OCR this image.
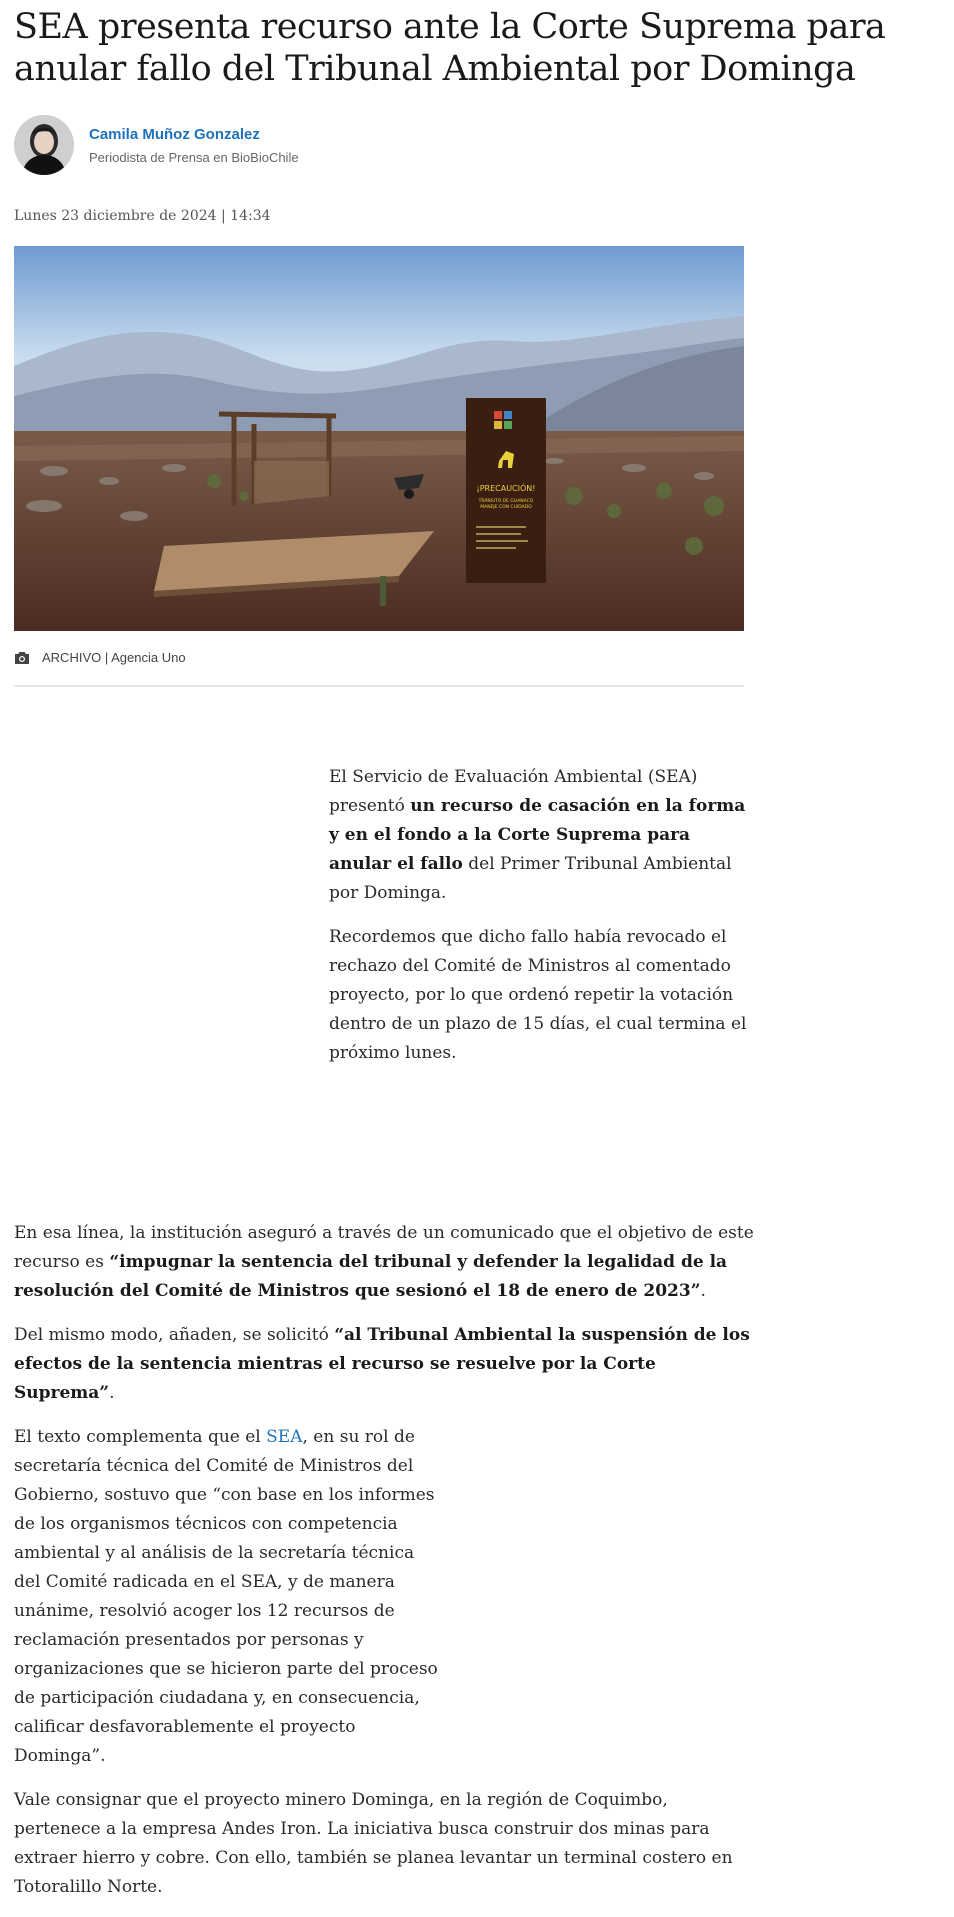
SEA presenta recurso ante la Corte Suprema para anular fallo del Tribunal Ambiental por Dominga
Camila Muñoz Gonzalez
Periodista de Prensa en BioBioChile
Lunes 23 diciembre de 2024 | 14:34
¡PRECAUCIÓN!
TRÁNSITO DE GUANACO
MANEJE CON CUIDADO
ARCHIVO | Agencia Uno

El Servicio de Evaluación Ambiental (SEA) presentó un recurso de casación en la forma y en el fondo a la Corte Suprema para anular el fallo del Primer Tribunal Ambiental por Dominga.

Recordemos que dicho fallo había revocado el rechazo del Comité de Ministros al comentado proyecto, por lo que ordenó repetir la votación dentro de un plazo de 15 días, el cual termina el próximo lunes.

En esa línea, la institución aseguró a través de un comunicado que el objetivo de este recurso es “impugnar la sentencia del tribunal y defender la legalidad de la resolución del Comité de Ministros que sesionó el 18 de enero de 2023”.

Del mismo modo, añaden, se solicitó “al Tribunal Ambiental la suspensión de los efectos de la sentencia mientras el recurso se resuelve por la Corte Suprema”.

El texto complementa que el SEA, en su rol de secretaría técnica del Comité de Ministros del Gobierno, sostuvo que “con base en los informes de los organismos técnicos con competencia ambiental y al análisis de la secretaría técnica del Comité radicada en el SEA, y de manera unánime, resolvió acoger los 12 recursos de reclamación presentados por personas y organizaciones que se hicieron parte del proceso de participación ciudadana y, en consecuencia, calificar desfavorablemente el proyecto Dominga”.

Vale consignar que el proyecto minero Dominga, en la región de Coquimbo, pertenece a la empresa Andes Iron. La iniciativa busca construir dos minas para extraer hierro y cobre. Con ello, también se planea levantar un terminal costero en Totoralillo Norte.
